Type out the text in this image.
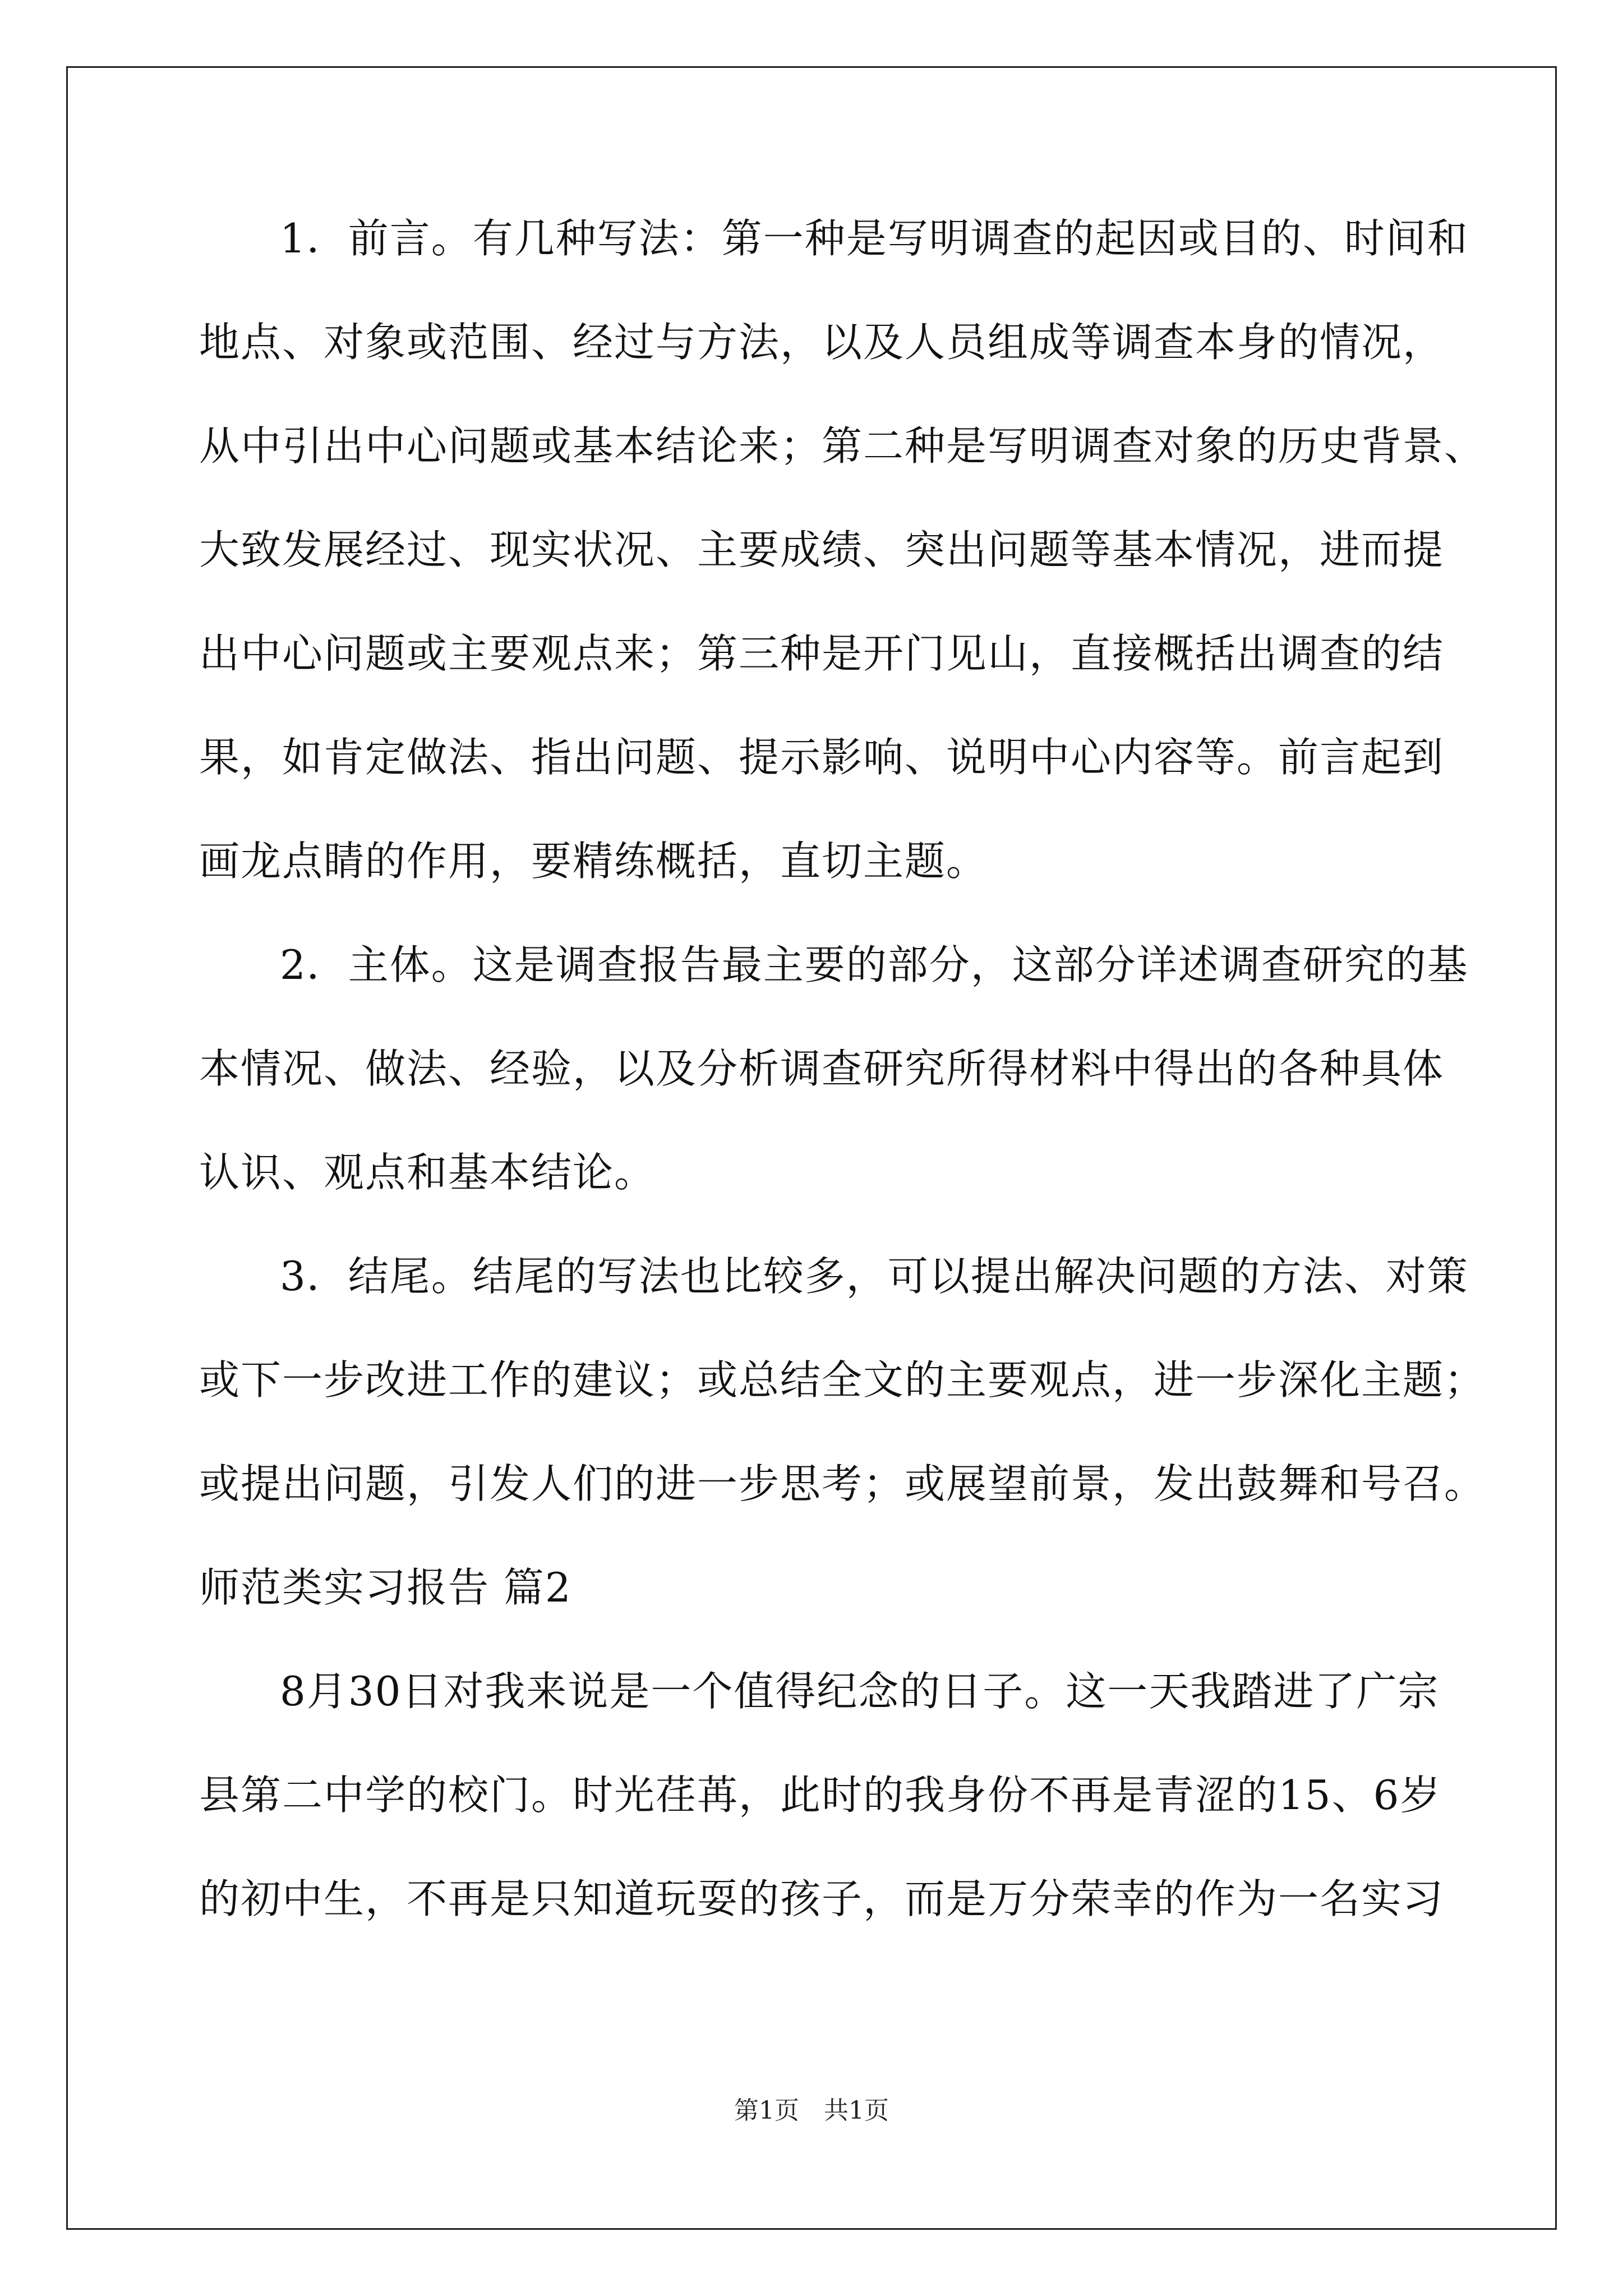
1．前言。有几种写法：第一种是写明调查的起因或目的、时间和
地点、对象或范围、经过与方法，以及人员组成等调查本身的情况，
从中引出中心问题或基本结论来；第二种是写明调查对象的历史背景、
大致发展经过、现实状况、主要成绩、突出问题等基本情况，进而提
出中心问题或主要观点来；第三种是开门见山，直接概括出调查的结
果，如肯定做法、指出问题、提示影响、说明中心内容等。前言起到
画龙点睛的作用，要精练概括，直切主题。
2．主体。这是调查报告最主要的部分，这部分详述调查研究的基
本情况、做法、经验，以及分析调查研究所得材料中得出的各种具体
认识、观点和基本结论。
3．结尾。结尾的写法也比较多，可以提出解决问题的方法、对策
或下一步改进工作的建议；或总结全文的主要观点，进一步深化主题；
或提出问题，引发人们的进一步思考；或展望前景，发出鼓舞和号召。
师范类实习报告 篇2
8月30日对我来说是一个值得纪念的日子。这一天我踏进了广宗
县第二中学的校门。时光荏苒，此时的我身份不再是青涩的15、6岁
的初中生，不再是只知道玩耍的孩子，而是万分荣幸的作为一名实习
第1页　共1页
